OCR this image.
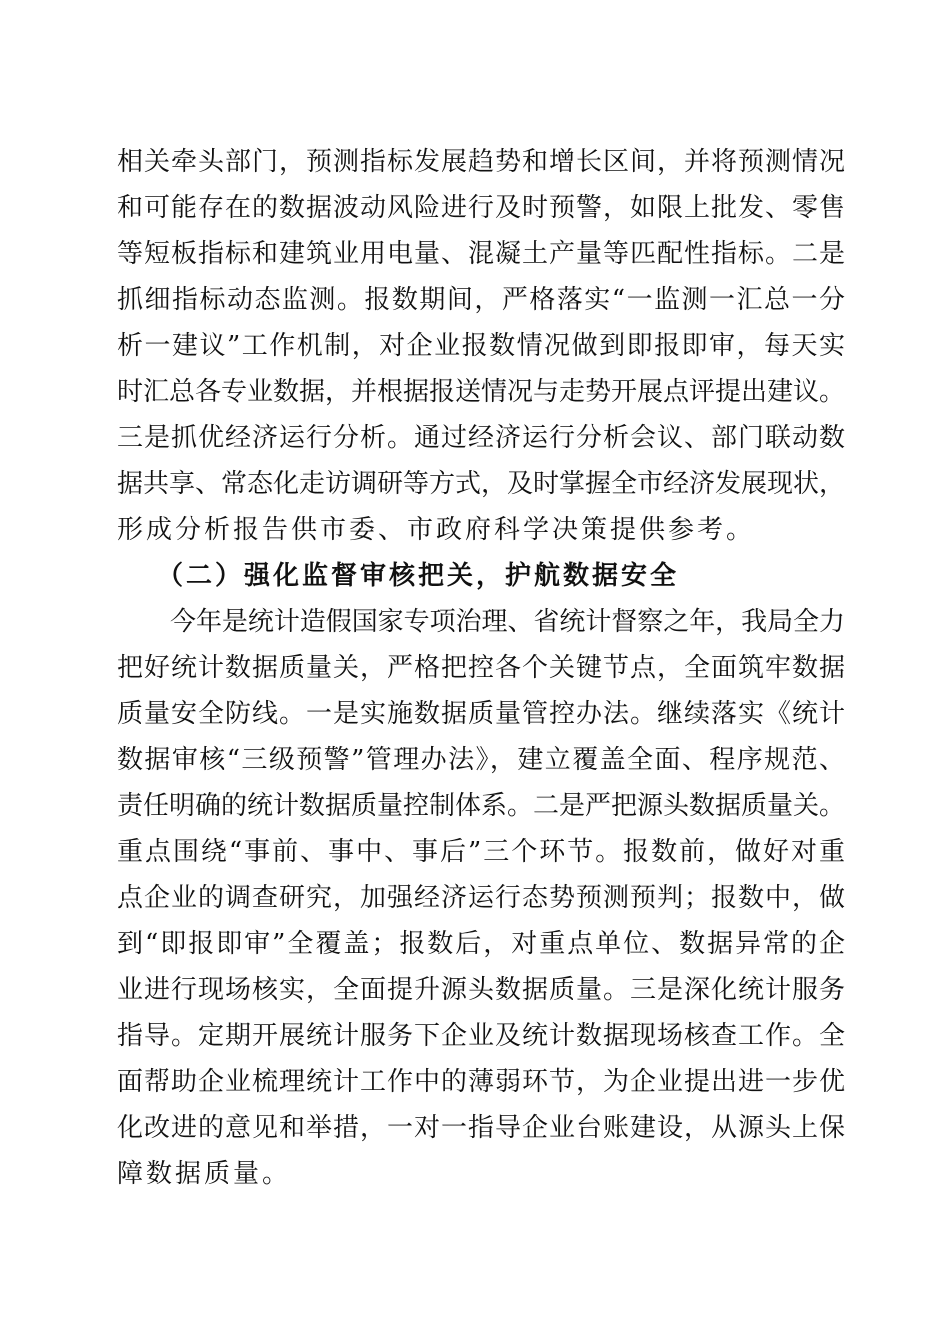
相关牵头部门，预测指标发展趋势和增长区间，并将预测情况
和可能存在的数据波动风险进行及时预警，如限上批发、零售
等短板指标和建筑业用电量、混凝土产量等匹配性指标。二是
抓细指标动态监测。报数期间，严格落实“一监测一汇总一分
析一建议”工作机制，对企业报数情况做到即报即审，每天实
时汇总各专业数据，并根据报送情况与走势开展点评提出建议。
三是抓优经济运行分析。通过经济运行分析会议、部门联动数
据共享、常态化走访调研等方式，及时掌握全市经济发展现状，
形成分析报告供市委、市政府科学决策提供参考。
（二）强化监督审核把关，护航数据安全
今年是统计造假国家专项治理、省统计督察之年，我局全力
把好统计数据质量关，严格把控各个关键节点，全面筑牢数据
质量安全防线。一是实施数据质量管控办法。继续落实《统计
数据审核“三级预警”管理办法》，建立覆盖全面、程序规范、
责任明确的统计数据质量控制体系。二是严把源头数据质量关。
重点围绕“事前、事中、事后”三个环节。报数前，做好对重
点企业的调查研究，加强经济运行态势预测预判；报数中，做
到“即报即审”全覆盖；报数后，对重点单位、数据异常的企
业进行现场核实，全面提升源头数据质量。三是深化统计服务
指导。定期开展统计服务下企业及统计数据现场核查工作。全
面帮助企业梳理统计工作中的薄弱环节，为企业提出进一步优
化改进的意见和举措，一对一指导企业台账建设，从源头上保
障数据质量。
